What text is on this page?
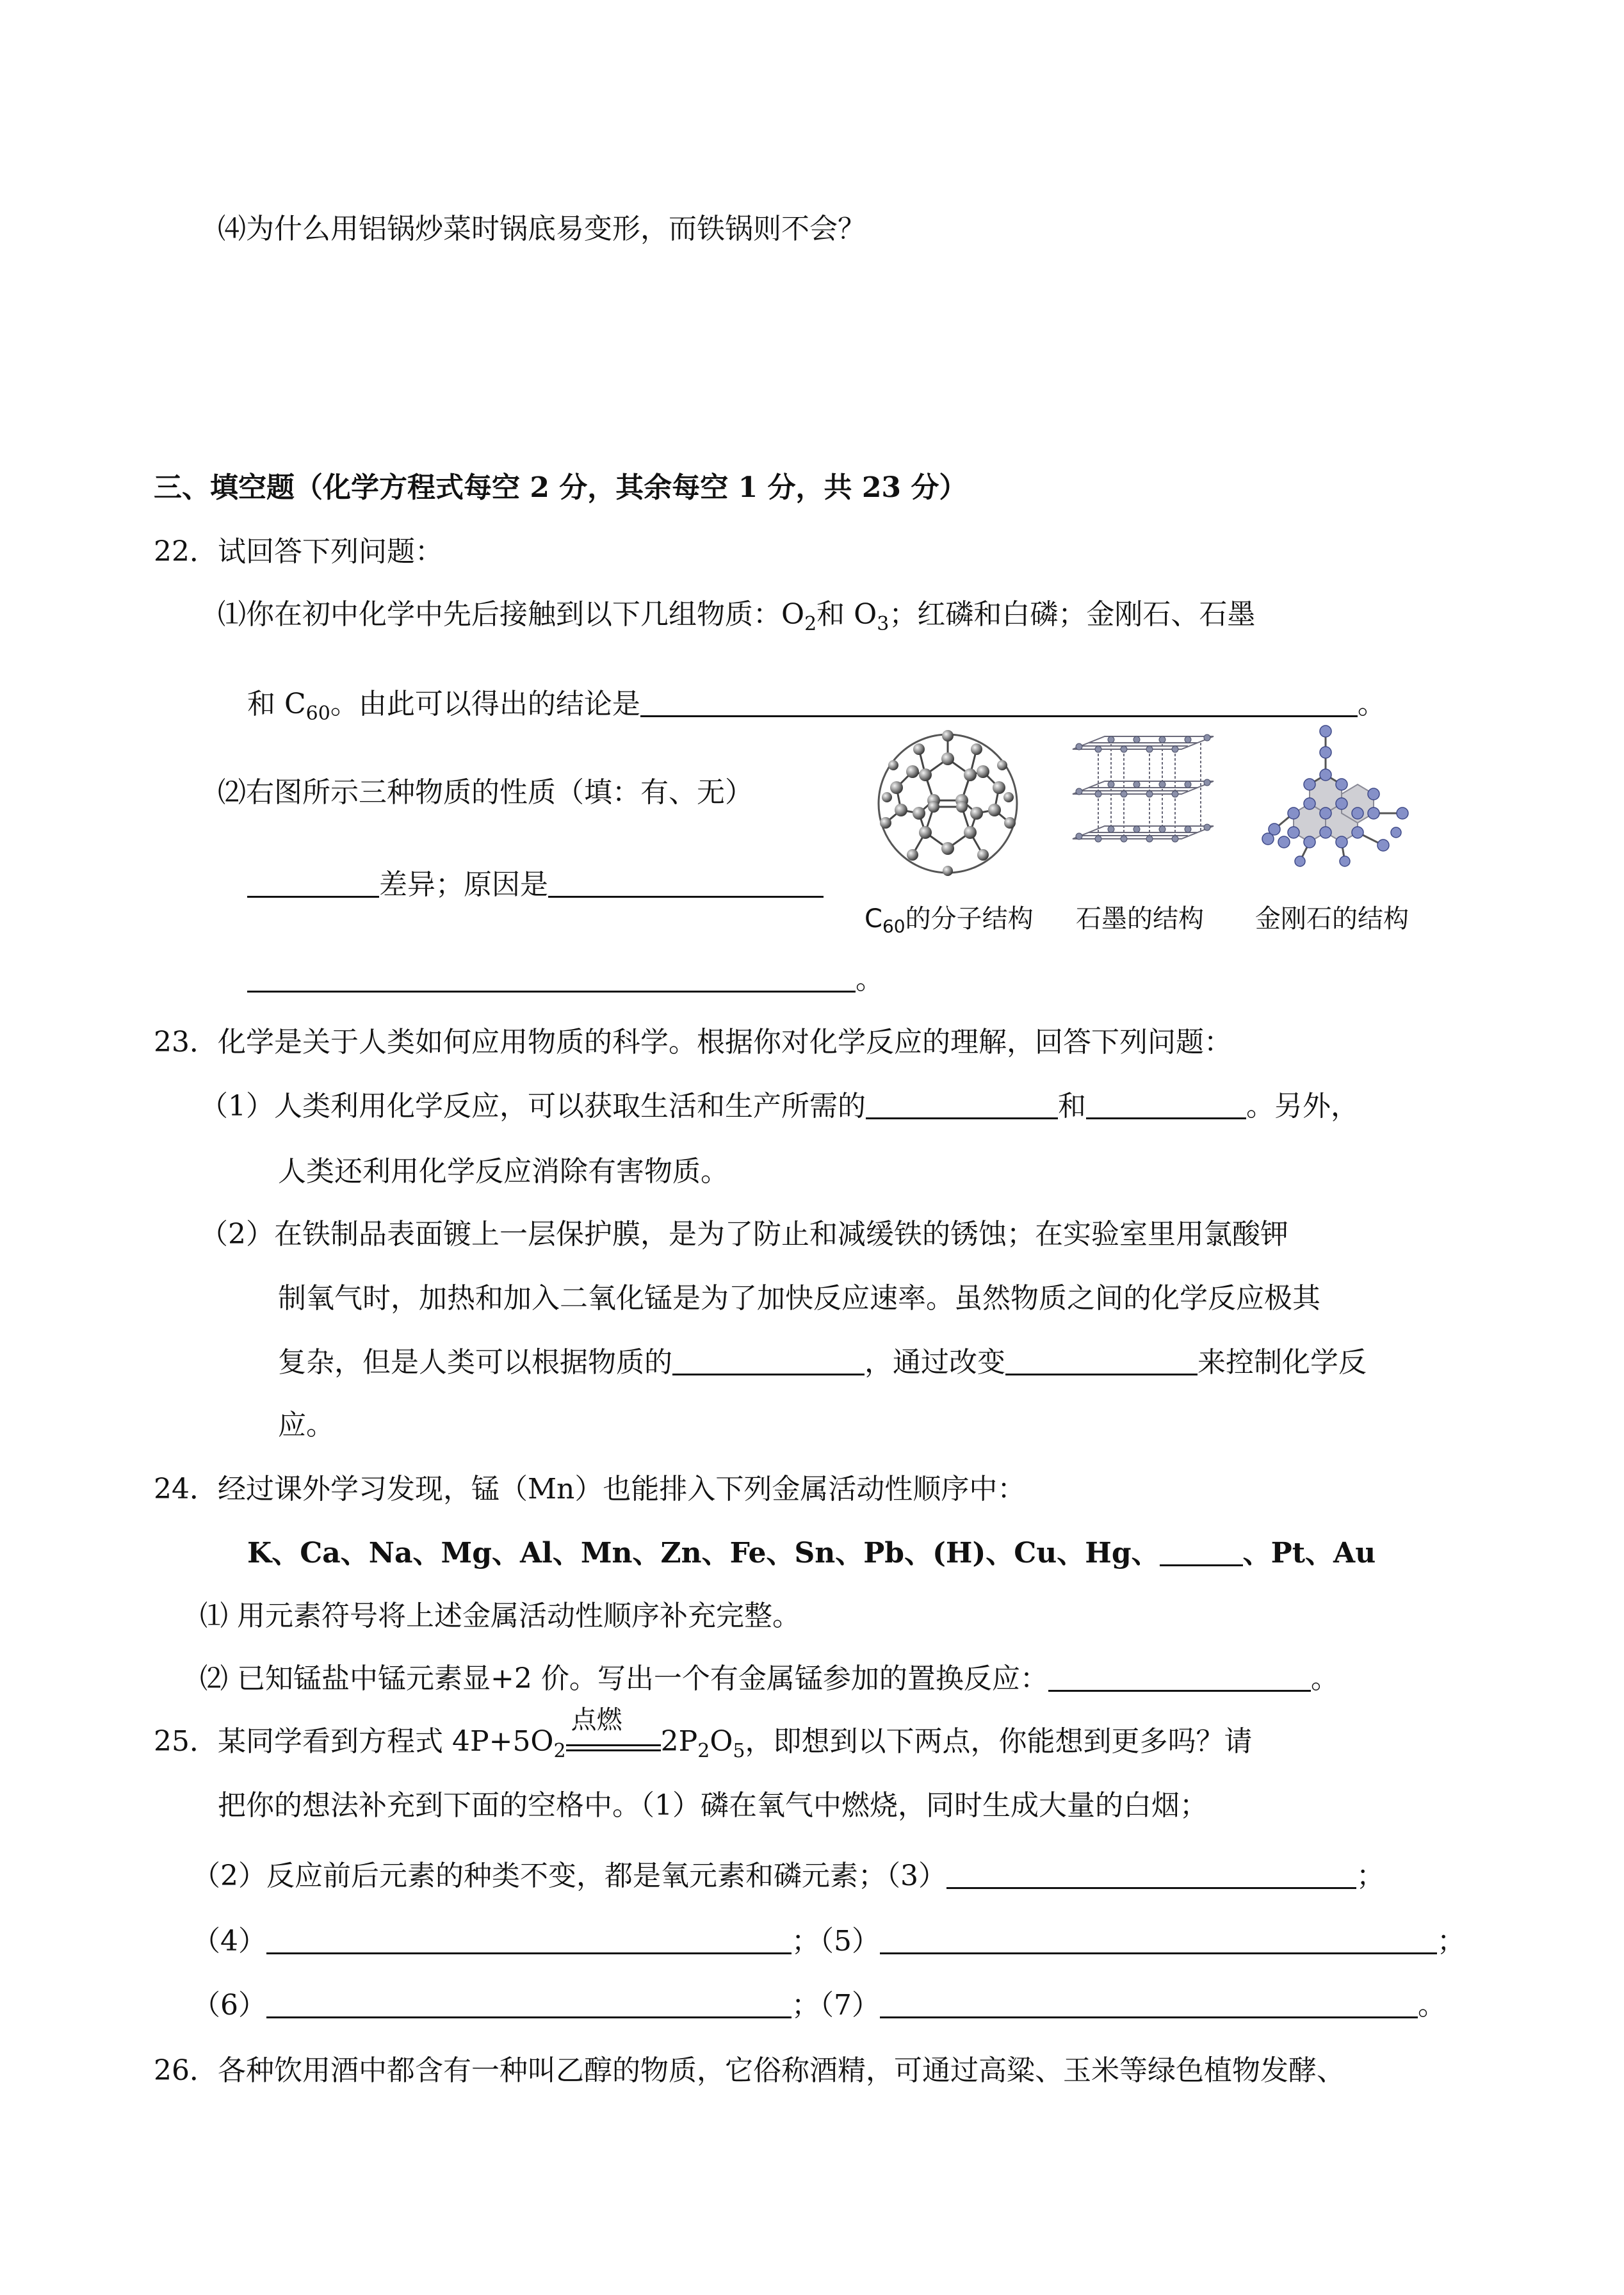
⑷为什么用铝锅炒菜时锅底易变形，而铁锅则不会？
三、填空题（化学方程式每空 2 分，其余每空 1 分，共 23 分）
22．试回答下列问题：
⑴你在初中化学中先后接触到以下几组物质：$O_2$和 $O_3$；红磷和白磷；金刚石、石墨
和 $C_{60}$。由此可以得出的结论是	。
⑵右图所示三种物质的性质（填：有、无）
差异；原因是
。
$C_{60}$的分子结构 石墨的结构 金刚石的结构
23．化学是关于人类如何应用物质的科学。根据你对化学反应的理解，回答下列问题：
（1）人类利用化学反应，可以获取生活和生产所需的	和	。另外，
人类还利用化学反应消除有害物质。
（2）在铁制品表面镀上一层保护膜，是为了防止和减缓铁的锈蚀；在实验室里用氯酸钾
制氧气时，加热和加入二氧化锰是为了加快反应速率。虽然物质之间的化学反应极其
复杂，但是人类可以根据物质的	，通过改变	来控制化学反
应。
24．经过课外学习发现，锰（Mn）也能排入下列金属活动性顺序中：
K、Ca、Na、Mg、Al、Mn、Zn、Fe、Sn、Pb、(H)、Cu、Hg、	、Pt、Au
⑴ 用元素符号将上述金属活动性顺序补充完整。
⑵ 已知锰盐中锰元素显+2 价。写出一个有金属锰参加的置换反应：	。
25．某同学看到方程式 $4P+5O_2$
点燃
$2P_2O_5$，即想到以下两点，你能想到更多吗？请
把你的想法补充到下面的空格中。（1）磷在氧气中燃烧，同时生成大量的白烟；
（2）反应前后元素的种类不变，都是氧元素和磷元素；（3）	；
（4）	；（5）	；
（6）	；（7）	。
26．各种饮用酒中都含有一种叫乙醇的物质，它俗称酒精，可通过高粱、玉米等绿色植物发酵、
